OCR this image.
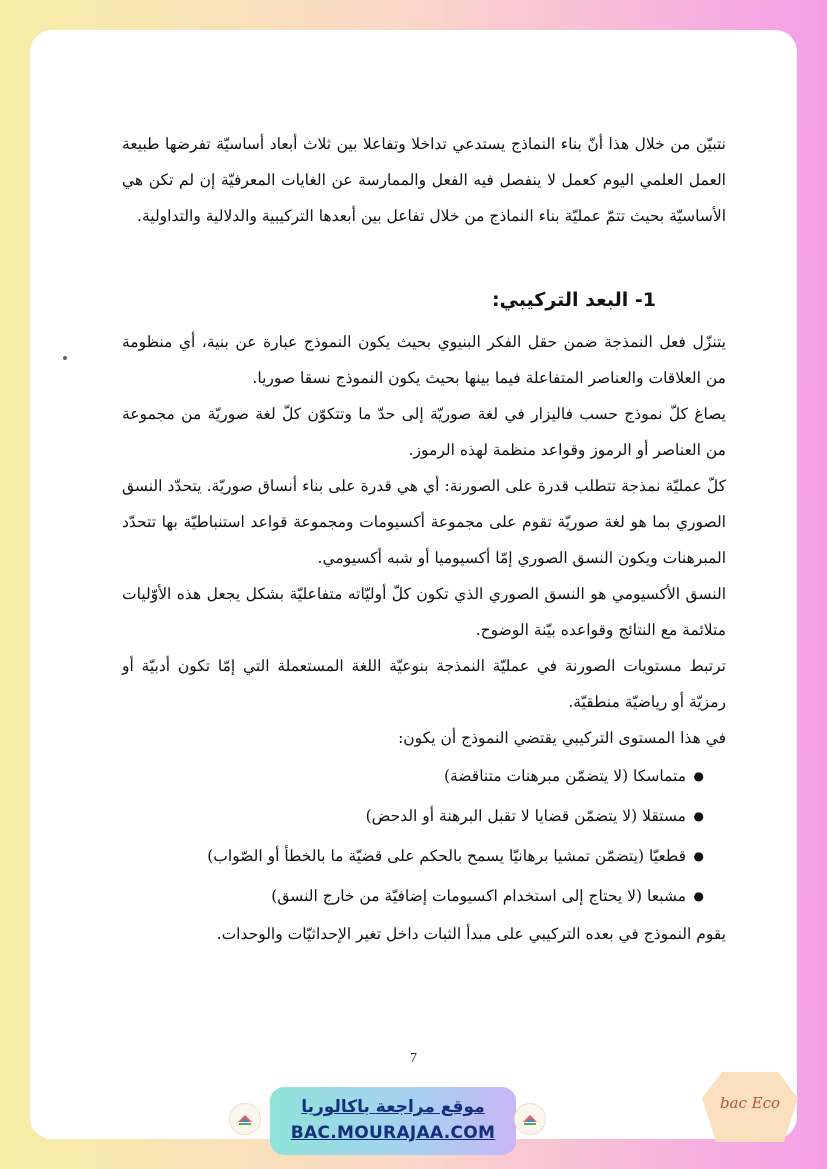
نتبيّن من خلال هذا أنّ بناء النماذج يستدعي تداخلا وتفاعلا بين ثلاث أبعاد أساسيّة تفرضها طبيعة العمل العلمي اليوم كعمل لا ينفصل فيه الفعل والممارسة عن الغايات المعرفيّة إن لم تكن هي الأساسيّة بحيث تتمّ عمليّة بناء النماذج من خلال تفاعل بين أبعدها التركيبية والدلالية والتداولية.

1- البعد التركيبي:

يتنزّل فعل النمذجة ضمن حقل الفكر البنيوي بحيث يكون النموذج عبارة عن بنية، أي منظومة من العلاقات والعناصر المتفاعلة فيما بينها بحيث يكون النموذج نسقا صوريا.

يصاغ كلّ نموذج حسب فاليزار في لغة صوريّة إلى حدّ ما وتتكوّن كلّ لغة صوريّة من مجموعة من العناصر أو الرموز وقواعد منظمة لهذه الرموز.

كلّ عمليّة نمذجة تتطلب قدرة على الصورنة: أي هي قدرة على بناء أنساق صوريّة. يتحدّد النسق الصوري بما هو لغة صوريّة تقوم على مجموعة أكسيومات ومجموعة قواعد استنباطيّة بها تتحدّد المبرهنات ويكون النسق الصوري إمّا أكسيوميا أو شبه أكسيومي.

النسق الأكسيومي هو النسق الصوري الذي تكون كلّ أوليّاته متفاعليّة بشكل يجعل هذه الأوّليات متلائمة مع النتائج وقواعده بيّنة الوضوح.

ترتبط مستويات الصورنة في عمليّة النمذجة بنوعيّة اللغة المستعملة التي إمّا تكون أدبيّة أو رمزيّة أو رياضيّة منطقيّة.

في هذا المستوى التركيبي يقتضي النموذج أن يكون:

●
متماسكا (لا يتضمّن مبرهنات متناقضة)
●
مستقلا (لا يتضمّن قضايا لا تقبل البرهنة أو الدحض)
●
قطعيّا (يتضمّن تمشيا برهانيّا يسمح بالحكم على قضيّة ما بالخطأ أو الصّواب)
●
مشبعا (لا يحتاج إلى استخدام اكسيومات إضافيّة من خارج النسق)

يقوم النموذج في بعده التركيبي على مبدأ الثبات داخل تغير الإحداثيّات والوحدات.

7
موقع مراجعة باكالوريا
BAC.MOURAJAA.COM
bac Eco
